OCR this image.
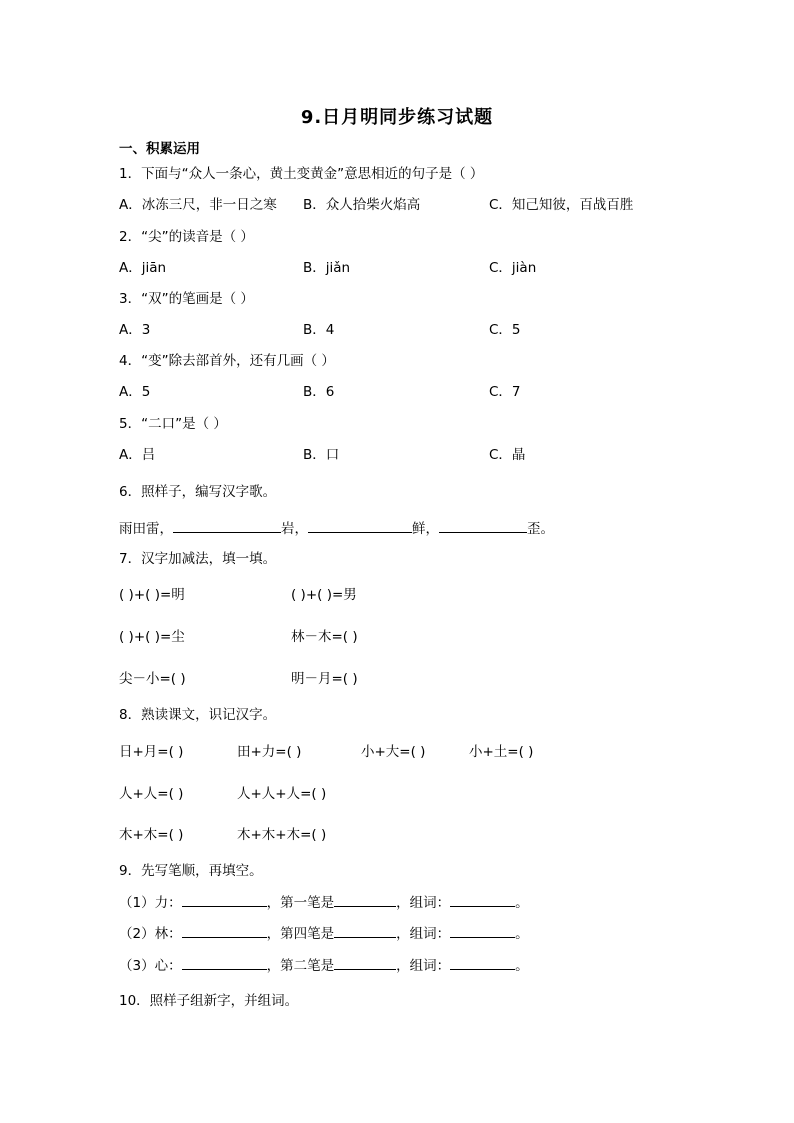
9.日月明同步练习试题
一、积累运用
1．下面与“众人一条心，黄土变黄金”意思相近的句子是（ ）
A．冰冻三尺，非一日之寒 B．众人拾柴火焰高	C．知己知彼，百战百胜
2．“尖”的读音是（ ）
A．jiān	B．jiǎn	C．jiàn
3．“双”的笔画是（ ）
A．3	B．4	C．5
4．“变”除去部首外，还有几画（ ）
A．5	B．6	C．7
5．“二口”是（ ）
A．吕	B．口	C．晶
6．照样子，编写汉字歌。
雨田雷，	岩，	鲜，	歪。
7．汉字加减法，填一填。
( )+( )=明	( )+( )=男
( )+( )=尘	林－木=( )
尖－小=( )	明－月=( )
8．熟读课文，识记汉字。
日+月=( )	田+力=( )	小+大=( )	小+土=( )
人+人=( )	人+人+人=( )
木+木=( )	木+木+木=( )
9．先写笔顺，再填空。
（1）力：	，第一笔是	，组词：	。
（2）林：	，第四笔是	，组词：	。
（3）心：	，第二笔是	，组词：	。
10．照样子组新字，并组词。
